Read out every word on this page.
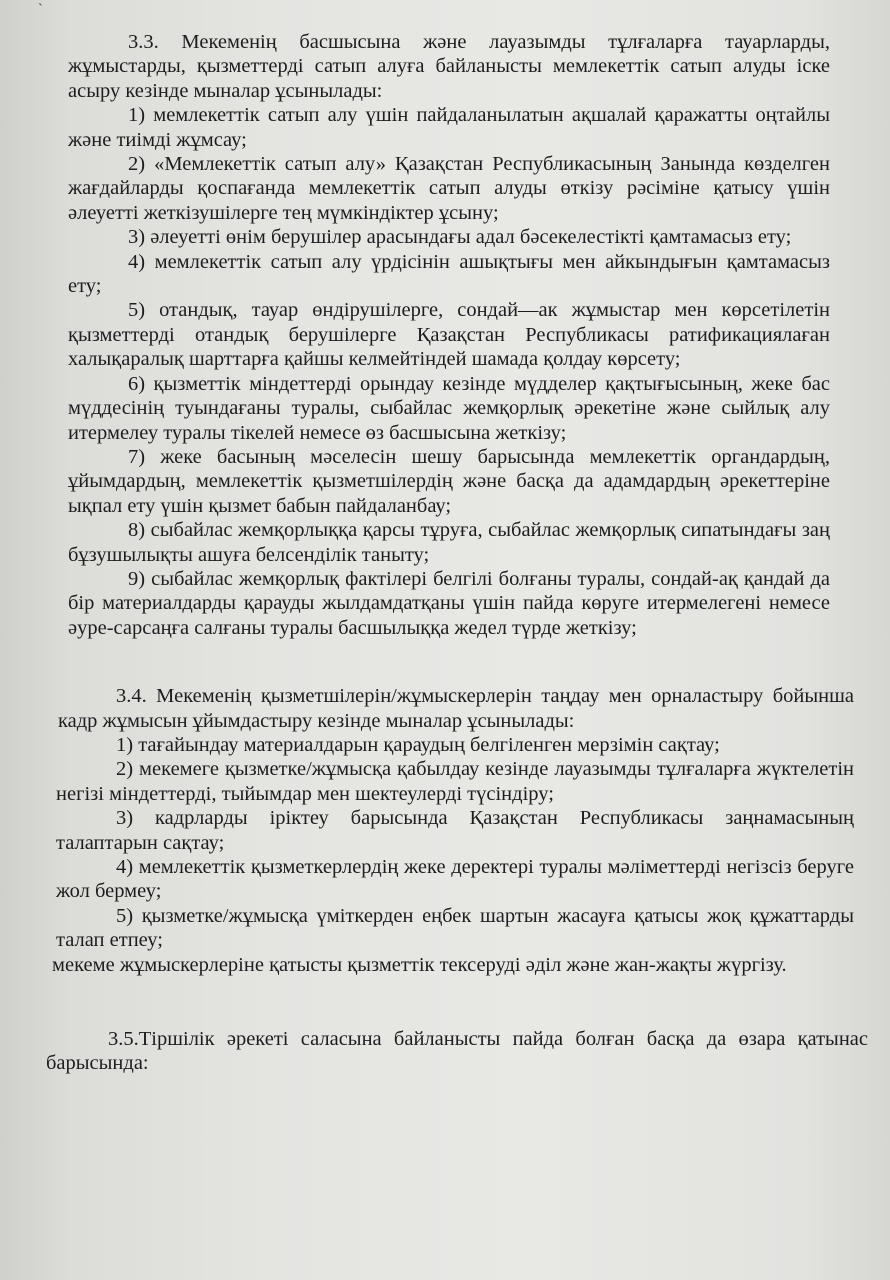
`

3.3. Мекеменің басшысына және лауазымды тұлғаларға тауарларды, жұмыстарды, қызметтерді сатып алуға байланысты мемлекеттік сатып алуды іске асыру кезінде мыналар ұсынылады:

1) мемлекеттік сатып алу үшін пайдаланылатын ақшалай қаражатты оңтайлы және тиімді жұмсау;

2) «Мемлекеттік сатып алу» Қазақстан Республикасының Занында көзделген жағдайларды қоспағанда мемлекеттік сатып алуды өткізу рәсіміне қатысу үшін әлеуетті жеткізушілерге тең мүмкіндіктер ұсыну;

3) әлеуетті өнім берушілер арасындағы адал бәсекелестікті қамтамасыз ету;

4) мемлекеттік сатып алу үрдісінін ашықтығы мен айкындығын қамтамасыз ету;

5) отандық, тауар өндірушілерге, сондай—ак жұмыстар мен көрсетілетін қызметтерді отандық берушілерге Қазақстан Республикасы ратификациялаған халықаралық шарттарға қайшы келмейтіндей шамада қолдау көрсету;

6) қызметтік міндеттерді орындау кезінде мүдделер қақтығысының, жеке бас мүддесінің туындағаны туралы, сыбайлас жемқорлық әрекетіне және сыйлық алу итермелеу туралы тікелей немесе өз басшысына жеткізу;

7) жеке басының мәселесін шешу барысында мемлекеттік органдардың, ұйымдардың, мемлекеттік қызметшілердің және басқа да адамдардың әрекеттеріне ықпал ету үшін қызмет бабын пайдаланбау;

8) сыбайлас жемқорлыққа қарсы тұруға, сыбайлас жемқорлық сипатындағы заң бұзушылықты ашуға белсенділік таныту;

9) сыбайлас жемқорлық фактілері белгілі болғаны туралы, сондай-ақ қандай да бір материалдарды қарауды жылдамдатқаны үшін пайда көруге итермелегені немесе әуре-сарсаңға салғаны туралы басшылыққа жедел түрде жеткізу;

3.4. Мекеменің қызметшілерін/жұмыскерлерін таңдау мен орналастыру бойынша кадр жұмысын ұйымдастыру кезінде мыналар ұсынылады:

1) тағайындау материалдарын қараудың белгіленген мерзімін сақтау;

2) мекемеге қызметке/жұмысқа қабылдау кезінде лауазымды тұлғаларға жүктелетін негізі міндеттерді, тыйымдар мен шектеулерді түсіндіру;

3) кадрларды іріктеу барысында Қазақстан Республикасы заңнамасының талаптарын сақтау;

4) мемлекеттік қызметкерлердің жеке деректері туралы мәліметтерді негізсіз беруге жол бермеу;

5) қызметке/жұмысқа үміткерден еңбек шартын жасауға қатысы жоқ құжаттарды талап етпеу;

мекеме жұмыскерлеріне қатысты қызметтік тексеруді әділ және жан-жақты жүргізу.

3.5.Тіршілік әрекеті саласына байланысты пайда болған басқа да өзара қатынас барысында:
